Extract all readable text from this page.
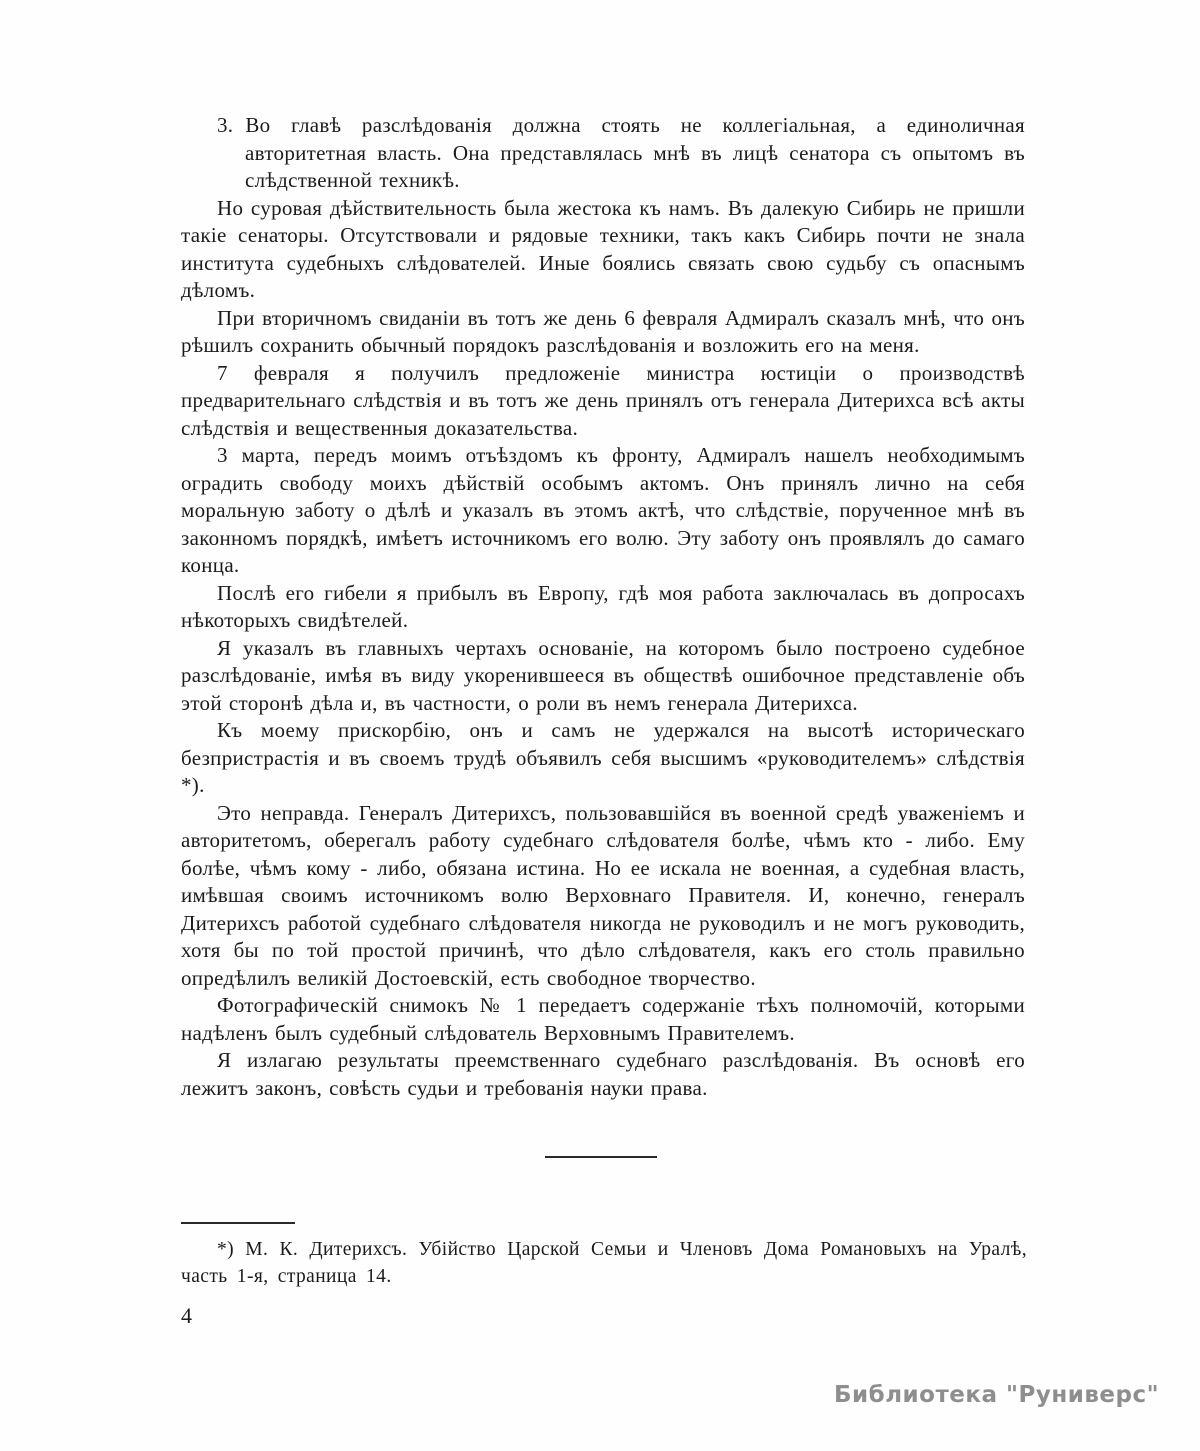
3. Во главѣ разслѣдованія должна стоять не коллегіальная, а единоличная авторитетная власть. Она представлялась мнѣ въ лицѣ сенатора съ опытомъ въ слѣдственной техникѣ.

Но суровая дѣйствительность была жестока къ намъ. Въ далекую Сибирь не пришли такіе сенаторы. Отсутствовали и рядовые техники, такъ какъ Сибирь почти не знала института судебныхъ слѣдователей. Иные боялись связать свою судьбу съ опаснымъ дѣломъ.

При вторичномъ свиданіи въ тотъ же день 6 февраля Адмиралъ сказалъ мнѣ, что онъ рѣшилъ сохранить обычный порядокъ разслѣдованія и возложить его на меня.

7 февраля я получилъ предложеніе министра юстиціи о производствѣ предварительнаго слѣдствія и въ тотъ же день принялъ отъ генерала Дитерихса всѣ акты слѣдствія и вещественныя доказательства.

3 марта, передъ моимъ отъѣздомъ къ фронту, Адмиралъ нашелъ необходимымъ оградить свободу моихъ дѣйствій особымъ актомъ. Онъ принялъ лично на себя моральную заботу о дѣлѣ и указалъ въ этомъ актѣ, что слѣдствіе, порученное мнѣ въ законномъ порядкѣ, имѣетъ источникомъ его волю. Эту заботу онъ проявлялъ до самаго конца.

Послѣ его гибели я прибылъ въ Европу, гдѣ моя работа заключалась въ допросахъ нѣкоторыхъ свидѣтелей.

Я указалъ въ главныхъ чертахъ основаніе, на которомъ было построено судебное разслѣдованіе, имѣя въ виду укоренившееся въ обществѣ ошибочное представленіе объ этой сторонѣ дѣла и, въ частности, о роли въ немъ генерала Дитерихса.

Къ моему прискорбію, онъ и самъ не удержался на высотѣ историческаго безпристрастія и въ своемъ трудѣ объявилъ себя высшимъ «руководителемъ» слѣдствія *).

Это неправда. Генералъ Дитерихсъ, пользовавшійся въ военной средѣ уваженіемъ и авторитетомъ, оберегалъ работу судебнаго слѣдователя болѣе, чѣмъ кто - либо. Ему болѣе, чѣмъ кому - либо, обязана истина. Но ее искала не военная, а судебная власть, имѣвшая своимъ источникомъ волю Верховнаго Правителя. И, конечно, генералъ Дитерихсъ работой судебнаго слѣдователя никогда не руководилъ и не могъ руководить, хотя бы по той простой причинѣ, что дѣло слѣдователя, какъ его столь правильно опредѣлилъ великій Достоевскій, есть свободное творчество.

Фотографическій снимокъ № 1 передаетъ содержаніе тѣхъ полномочій, которыми надѣленъ былъ судебный слѣдователь Верховнымъ Правителемъ.

Я излагаю результаты преемственнаго судебнаго разслѣдованія. Въ основѣ его лежитъ законъ, совѣсть судьи и требованія науки права.

*) М. К. Дитерихсъ. Убійство Царской Семьи и Членовъ Дома Романовыхъ на Уралѣ, часть 1-я, страница 14.

4
Библиотека "Руниверс"
